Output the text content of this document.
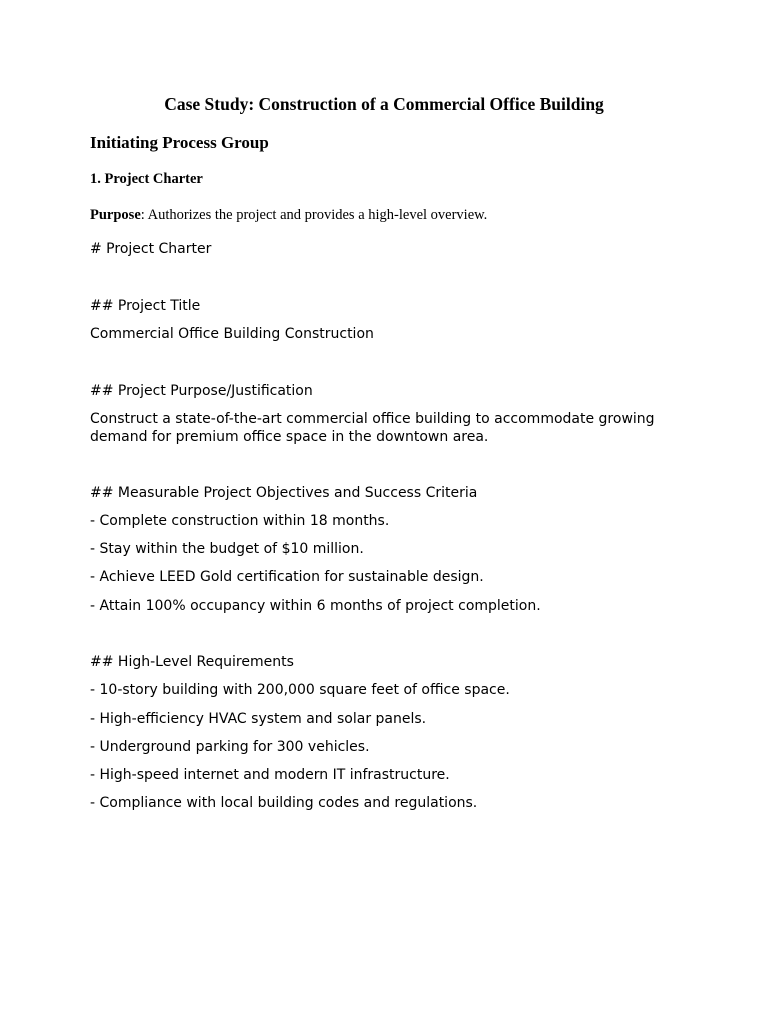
Case Study: Construction of a Commercial Office Building
Initiating Process Group
1. Project Charter

Purpose: Authorizes the project and provides a high-level overview.

# Project Charter

## Project Title

Commercial Office Building Construction

## Project Purpose/Justification

Construct a state-of-the-art commercial office building to accommodate growing demand for premium office space in the downtown area.

## Measurable Project Objectives and Success Criteria

- Complete construction within 18 months.

- Stay within the budget of $10 million.

- Achieve LEED Gold certification for sustainable design.

- Attain 100% occupancy within 6 months of project completion.

## High-Level Requirements

- 10-story building with 200,000 square feet of office space.

- High-efficiency HVAC system and solar panels.

- Underground parking for 300 vehicles.

- High-speed internet and modern IT infrastructure.

- Compliance with local building codes and regulations.
